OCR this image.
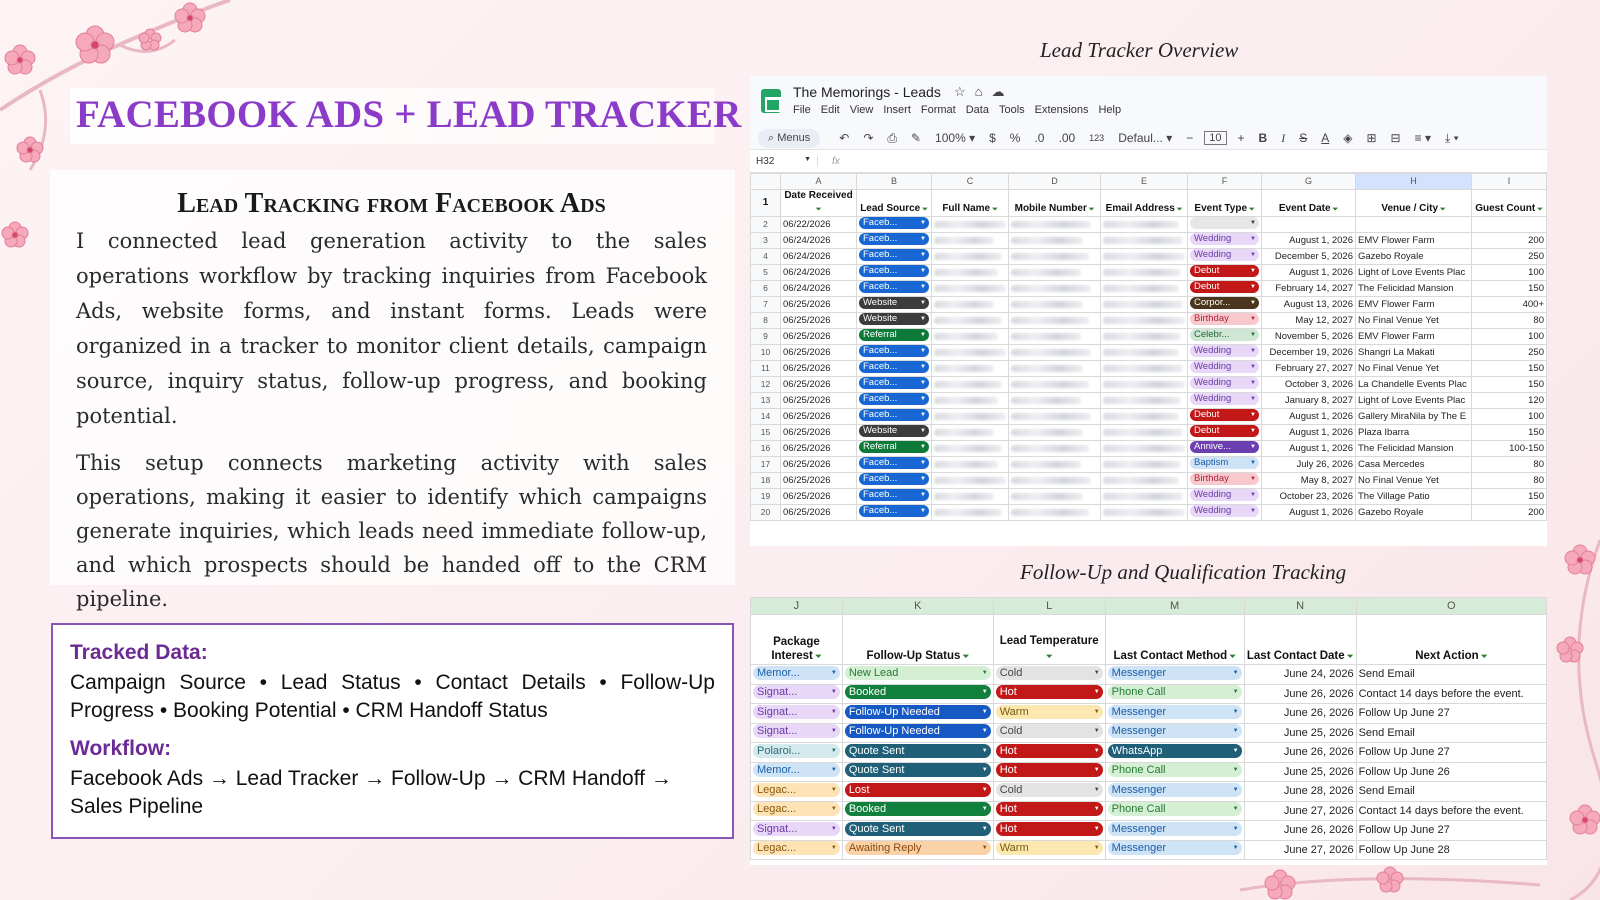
FACEBOOK ADS + LEAD TRACKER
Lead Tracking from Facebook Ads

I connected lead generation activity to the sales operations workflow by tracking inquiries from Facebook Ads, website forms, and instant forms. Leads were organized in a tracker to monitor client details, campaign source, inquiry status, follow-up progress, and booking potential.

This setup connects marketing activity with sales operations, making it easier to identify which campaigns generate inquiries, which leads need immediate follow-up, and which prospects should be handed off to the CRM pipeline.

Tracked Data:
Campaign Source • Lead Status • Contact Details • Follow-Up Progress • Booking Potential • CRM Handoff Status
Workflow:
Facebook Ads → Lead Tracker → Follow-Up → CRM Handoff → Sales Pipeline
Lead Tracker Overview
Follow-Up and Qualification Tracking
The Memorings - Leads ☆⌂☁
File Edit View Insert Format Data Tools Extensions Help
⌕ Menus	↶ ↷ ⎙ ✎ 100% ▾ $ % .0 .00 123 Defaul... ▾ −	10	+ B I S A ◈ ⊞ ⊟ ≡ ▾ ⤓ ▾
H32	▼	fx
	A	B	C	D	E	F	G	H	I
1	Date Received ⏷	Lead Source ⏷	Full Name ⏷	Mobile Number ⏷	Email Address ⏷	Event Type ⏷	Event Date ⏷	Venue / City ⏷	Guest Count ⏷
2	06/22/2026	Faceb... ▼				▼			
3	06/24/2026	Faceb... ▼				Wedding ▼	August 1, 2026	EMV Flower Farm	200
4	06/24/2026	Faceb... ▼				Wedding ▼	December 5, 2026	Gazebo Royale	250
5	06/24/2026	Faceb... ▼				Debut ▼	August 1, 2026	Light of Love Events Plac	100
6	06/24/2026	Faceb... ▼				Debut ▼	February 14, 2027	The Felicidad Mansion	150
7	06/25/2026	Website ▼				Corpor... ▼	August 13, 2026	EMV Flower Farm	400+
8	06/25/2026	Website ▼				Birthday ▼	May 12, 2027	No Final Venue Yet	80
9	06/25/2026	Referral ▼				Celebr... ▼	November 5, 2026	EMV Flower Farm	100
10	06/25/2026	Faceb... ▼				Wedding ▼	December 19, 2026	Shangri La Makati	250
11	06/25/2026	Faceb... ▼				Wedding ▼	February 27, 2027	No Final Venue Yet	150
12	06/25/2026	Faceb... ▼				Wedding ▼	October 3, 2026	La Chandelle Events Plac	150
13	06/25/2026	Faceb... ▼				Wedding ▼	January 8, 2027	Light of Love Events Plac	120
14	06/25/2026	Faceb... ▼				Debut ▼	August 1, 2026	Gallery MiraNila by The E	100
15	06/25/2026	Website ▼				Debut ▼	August 1, 2026	Plaza Ibarra	150
16	06/25/2026	Referral ▼				Annive... ▼	August 1, 2026	The Felicidad Mansion	100-150
17	06/25/2026	Faceb... ▼				Baptism ▼	July 26, 2026	Casa Mercedes	80
18	06/25/2026	Faceb... ▼				Birthday ▼	May 8, 2027	No Final Venue Yet	80
19	06/25/2026	Faceb... ▼				Wedding ▼	October 23, 2026	The Village Patio	150
20	06/25/2026	Faceb... ▼				Wedding ▼	August 1, 2026	Gazebo Royale	200
J	K	L	M	N	O
Package Interest ⏷	Follow-Up Status ⏷	Lead Temperature ⏷	Last Contact Method ⏷	Last Contact Date ⏷	Next Action ⏷
Memor... ▼	New Lead ▼	Cold ▼	Messenger ▼	June 24, 2026	Send Email
Signat... ▼	Booked ▼	Hot ▼	Phone Call ▼	June 26, 2026	Contact 14 days before the event.
Signat... ▼	Follow-Up Needed ▼	Warm ▼	Messenger ▼	June 26, 2026	Follow Up June 27
Signat... ▼	Follow-Up Needed ▼	Cold ▼	Messenger ▼	June 25, 2026	Send Email
Polaroi... ▼	Quote Sent ▼	Hot ▼	WhatsApp ▼	June 26, 2026	Follow Up June 27
Memor... ▼	Quote Sent ▼	Hot ▼	Phone Call ▼	June 25, 2026	Follow Up June 26
Legac... ▼	Lost ▼	Cold ▼	Messenger ▼	June 28, 2026	Send Email
Legac... ▼	Booked ▼	Hot ▼	Phone Call ▼	June 27, 2026	Contact 14 days before the event.
Signat... ▼	Quote Sent ▼	Hot ▼	Messenger ▼	June 26, 2026	Follow Up June 27
Legac... ▼	Awaiting Reply ▼	Warm ▼	Messenger ▼	June 27, 2026	Follow Up June 28
